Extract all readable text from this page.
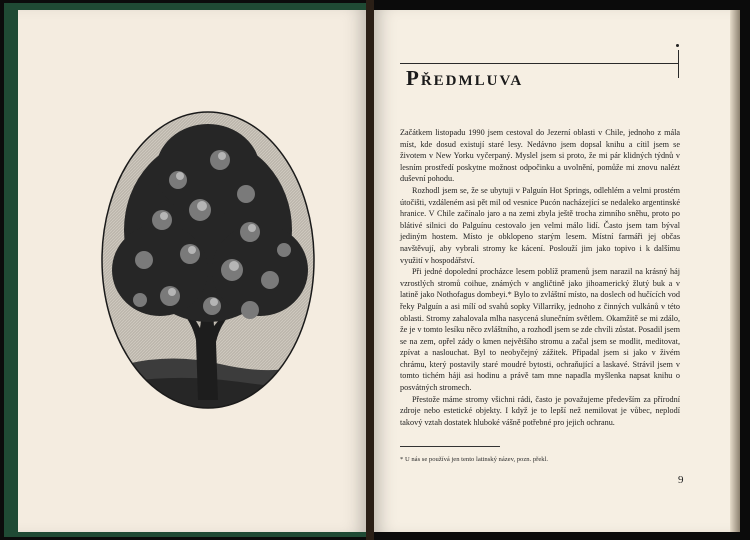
Předmluva

Začátkem listopadu 1990 jsem cestoval do Jezerní oblasti v Chile, jednoho z mála míst, kde dosud existují staré lesy. Nedávno jsem dopsal knihu a cítil jsem se životem v New Yorku vyčerpaný. Myslel jsem si proto, že mi pár klidných týdnů v lesním prostředí poskytne možnost odpočinku a uvolnění, pomůže mi znovu nalézt duševní pohodu.

Rozhodl jsem se, že se ubytuji v Palguín Hot Springs, odlehlém a velmi prostém útočišti, vzdáleném asi pět mil od vesnice Pucón nacházející se nedaleko argentinské hranice. V Chile začínalo jaro a na zemi zbyla ještě trocha zimního sněhu, proto po blátivé silnici do Palguínu cestovalo jen velmi málo lidí. Často jsem tam býval jediným hostem. Místo je obklopeno starým lesem. Místní farmáři jej občas navštěvují, aby vybrali stromy ke kácení. Poslouží jim jako topivo i k dalšímu využití v hospodářství.

Při jedné dopolední procházce lesem poblíž pramenů jsem narazil na krásný háj vzrostlých stromů coihue, známých v angličtině jako jihoamerický žlutý buk a v latině jako Nothofagus dombeyi.* Bylo to zvláštní místo, na doslech od hučících vod řeky Palguín a asi mílí od svahů sopky Villarriky, jednoho z činných vulkánů v této oblasti. Stromy zahalovala mlha nasycená slunečním světlem. Okamžitě se mi zdálo, že je v tomto lesíku něco zvláštního, a rozhodl jsem se zde chvíli zůstat. Posadil jsem se na zem, opřel zády o kmen největšího stromu a začal jsem se modlit, meditovat, zpívat a naslouchat. Byl to neobyčejný zážitek. Připadal jsem si jako v živém chrámu, který postavily staré moudré bytosti, ochraňující a laskavé. Strávil jsem v tomto tichém háji asi hodinu a právě tam mne napadla myšlenka napsat knihu o posvátných stromech.

Přestože máme stromy všichni rádi, často je považujeme především za přírodní zdroje nebo estetické objekty. I když je to lepší než nemilovat je vůbec, neplodí takový vztah dostatek hluboké vášně potřebné pro jejich ochranu.

* U nás se používá jen tento latinský název, pozn. překl.
9
